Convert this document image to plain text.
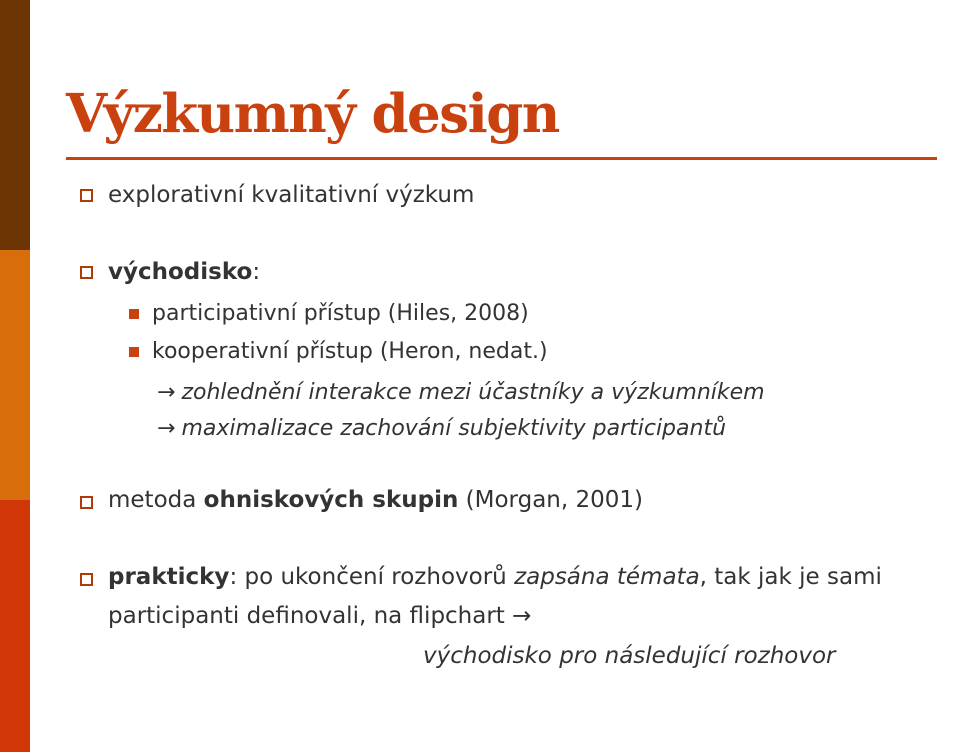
Výzkumný design
explorativní kvalitativní výzkum
východisko:
participativní přístup (Hiles, 2008)
kooperativní přístup (Heron, nedat.)
→ zohlednění interakce mezi účastníky a výzkumníkem
→ maximalizace zachování subjektivity participantů
metoda ohniskových skupin (Morgan, 2001)
prakticky: po ukončení rozhovorů zapsána témata, tak jak je sami
participanti definovali, na flipchart →
východisko pro následující rozhovor
